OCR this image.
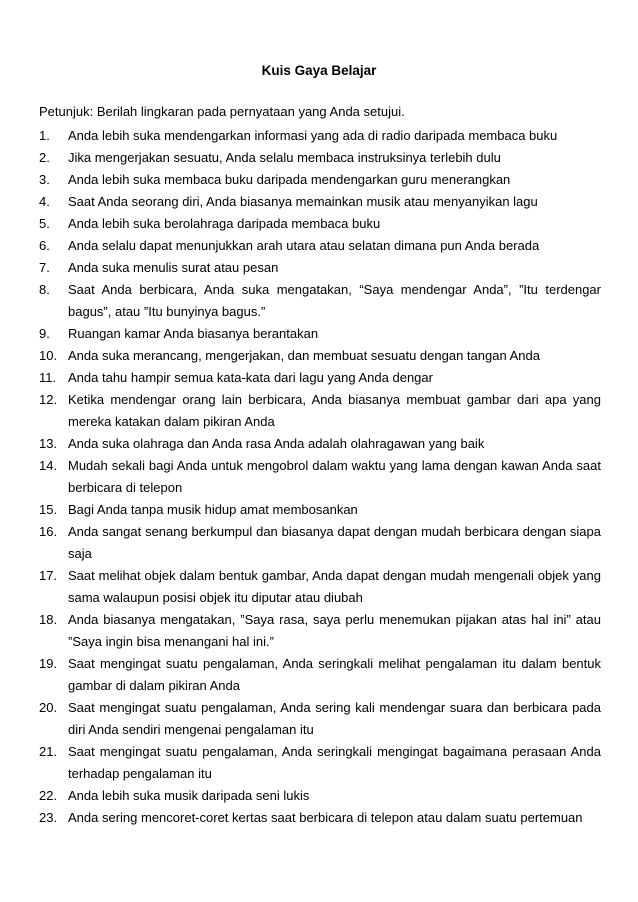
Kuis Gaya Belajar
Petunjuk: Berilah lingkaran pada pernyataan yang Anda setujui.
1.	Anda lebih suka mendengarkan informasi yang ada di radio daripada membaca buku
2.	Jika mengerjakan sesuatu, Anda selalu membaca instruksinya terlebih dulu
3.	Anda lebih suka membaca buku daripada mendengarkan guru menerangkan
4.	Saat Anda seorang diri, Anda biasanya memainkan musik atau menyanyikan lagu
5.	Anda lebih suka berolahraga daripada membaca buku
6.	Anda selalu dapat menunjukkan arah utara atau selatan dimana pun Anda berada
7.	Anda suka menulis surat atau pesan
8.	Saat Anda berbicara, Anda suka mengatakan, “Saya mendengar Anda”, ”Itu terdengar bagus”, atau ”Itu bunyinya bagus.”
9.	Ruangan kamar Anda biasanya berantakan
10. Anda suka merancang, mengerjakan, dan membuat sesuatu dengan tangan Anda
11. Anda tahu hampir semua kata-kata dari lagu yang Anda dengar
12. Ketika mendengar orang lain berbicara, Anda biasanya membuat gambar dari apa yang mereka katakan dalam pikiran Anda
13. Anda suka olahraga dan Anda rasa Anda adalah olahragawan yang baik
14. Mudah sekali bagi Anda untuk mengobrol dalam waktu yang lama dengan kawan Anda saat berbicara di telepon
15. Bagi Anda tanpa musik hidup amat membosankan
16. Anda sangat senang berkumpul dan biasanya dapat dengan mudah berbicara dengan siapa saja
17. Saat melihat objek dalam bentuk gambar, Anda dapat dengan mudah mengenali objek yang sama walaupun posisi objek itu diputar atau diubah
18. Anda biasanya mengatakan, ”Saya rasa, saya perlu menemukan pijakan atas hal ini” atau ”Saya ingin bisa menangani hal ini.”
19. Saat mengingat suatu pengalaman, Anda seringkali melihat pengalaman itu dalam bentuk gambar di dalam pikiran Anda
20. Saat mengingat suatu pengalaman, Anda sering kali mendengar suara dan berbicara pada diri Anda sendiri mengenai pengalaman itu
21. Saat mengingat suatu pengalaman, Anda seringkali mengingat bagaimana perasaan Anda terhadap pengalaman itu
22. Anda lebih suka musik daripada seni lukis
23. Anda sering mencoret-coret kertas saat berbicara di telepon atau dalam suatu pertemuan
